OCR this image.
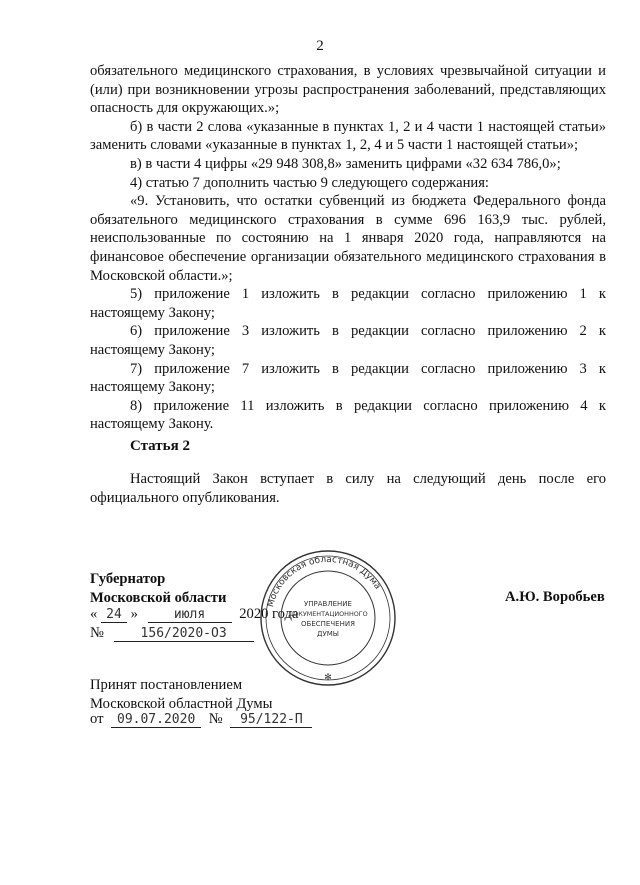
2

обязательного медицинского страхования, в условиях чрезвычайной ситуации и (или) при возникновении угрозы распространения заболеваний, представляющих опасность для окружающих.»;

б) в части 2 слова «указанные в пунктах 1, 2 и 4 части 1 настоящей статьи» заменить словами «указанные в пунктах 1, 2, 4 и 5 части 1 настоящей статьи»;

в) в части 4 цифры «29 948 308,8» заменить цифрами «32 634 786,0»;

4) статью 7 дополнить частью 9 следующего содержания:

«9. Установить, что остатки субвенций из бюджета Федерального фонда обязательного медицинского страхования в сумме 696 163,9 тыс. рублей, неиспользованные по состоянию на 1 января 2020 года, направляются на финансовое обеспечение организации обязательного медицинского страхования в Московской области.»;

5) приложение 1 изложить в редакции согласно приложению 1 к настоящему Закону;

6) приложение 3 изложить в редакции согласно приложению 2 к настоящему Закону;

7) приложение 7 изложить в редакции согласно приложению 3 к настоящему Закону;

8) приложение 11 изложить в редакции согласно приложению 4 к настоящему Закону.

Статья 2

Настоящий Закон вступает в силу на следующий день после его официального опубликования.

Губернатор
Московской области	А.Ю. Воробьев
« 24 »	июля 2020 года
№	156/2020-ОЗ
Московская областная Дума
УПРАВЛЕНИЕ
ДОКУМЕНТАЦИОННОГО
ОБЕСПЕЧЕНИЯ
ДУМЫ
✻
Принят постановлением
Московской областной Думы
от 09.07.2020 № 95/122-П
